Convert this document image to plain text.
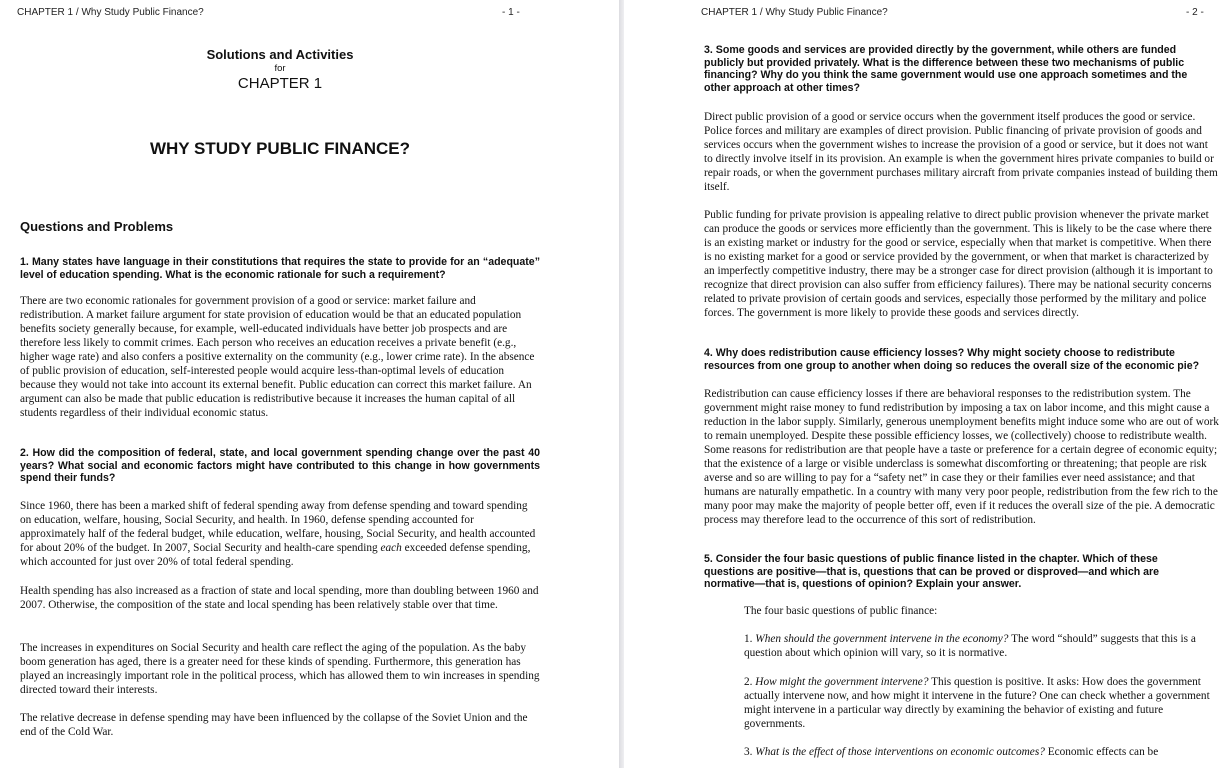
CHAPTER 1 / Why Study Public Finance?	- 1 -
Solutions and Activities
for
CHAPTER 1
WHY STUDY PUBLIC FINANCE?
Questions and Problems
1. Many states have language in their constitutions that requires the state to provide for an “adequate” level of education spending. What is the economic rationale for such a requirement?
There are two economic rationales for government provision of a good or service: market failure and redistribution. A market failure argument for state provision of education would be that an educated population benefits society generally because, for example, well-educated individuals have better job prospects and are therefore less likely to commit crimes. Each person who receives an education receives a private benefit (e.g., higher wage rate) and also confers a positive externality on the community (e.g., lower crime rate). In the absence of public provision of education, self-interested people would acquire less-than-optimal levels of education because they would not take into account its external benefit. Public education can correct this market failure. An argument can also be made that public education is redistributive because it increases the human capital of all students regardless of their individual economic status.
2. How did the composition of federal, state, and local government spending change over the past 40 years? What social and economic factors might have contributed to this change in how governments spend their funds?
Since 1960, there has been a marked shift of federal spending away from defense spending and toward spending on education, welfare, housing, Social Security, and health. In 1960, defense spending accounted for approximately half of the federal budget, while education, welfare, housing, Social Security, and health accounted for about 20% of the budget. In 2007, Social Security and health-care spending each exceeded defense spending, which accounted for just over 20% of total federal spending.
Health spending has also increased as a fraction of state and local spending, more than doubling between 1960 and 2007. Otherwise, the composition of the state and local spending has been relatively stable over that time.
The increases in expenditures on Social Security and health care reflect the aging of the population. As the baby boom generation has aged, there is a greater need for these kinds of spending. Furthermore, this generation has played an increasingly important role in the political process, which has allowed them to win increases in spending directed toward their interests.
The relative decrease in defense spending may have been influenced by the collapse of the Soviet Union and the end of the Cold War.
CHAPTER 1 / Why Study Public Finance?	- 2 -
3. Some goods and services are provided directly by the government, while others are funded publicly but provided privately. What is the difference between these two mechanisms of public financing? Why do you think the same government would use one approach sometimes and the other approach at other times?
Direct public provision of a good or service occurs when the government itself produces the good or service. Police forces and military are examples of direct provision. Public financing of private provision of goods and services occurs when the government wishes to increase the provision of a good or service, but it does not want to directly involve itself in its provision. An example is when the government hires private companies to build or repair roads, or when the government purchases military aircraft from private companies instead of building them itself.
Public funding for private provision is appealing relative to direct public provision whenever the private market can produce the goods or services more efficiently than the government. This is likely to be the case where there is an existing market or industry for the good or service, especially when that market is competitive. When there is no existing market for a good or service provided by the government, or when that market is characterized by an imperfectly competitive industry, there may be a stronger case for direct provision (although it is important to recognize that direct provision can also suffer from efficiency failures). There may be national security concerns related to private provision of certain goods and services, especially those performed by the military and police forces. The government is more likely to provide these goods and services directly.
4. Why does redistribution cause efficiency losses? Why might society choose to redistribute resources from one group to another when doing so reduces the overall size of the economic pie?
Redistribution can cause efficiency losses if there are behavioral responses to the redistribution system. The government might raise money to fund redistribution by imposing a tax on labor income, and this might cause a reduction in the labor supply. Similarly, generous unemployment benefits might induce some who are out of work to remain unemployed. Despite these possible efficiency losses, we (collectively) choose to redistribute wealth. Some reasons for redistribution are that people have a taste or preference for a certain degree of economic equity; that the existence of a large or visible underclass is somewhat discomforting or threatening; that people are risk averse and so are willing to pay for a “safety net” in case they or their families ever need assistance; and that humans are naturally empathetic. In a country with many very poor people, redistribution from the few rich to the many poor may make the majority of people better off, even if it reduces the overall size of the pie. A democratic process may therefore lead to the occurrence of this sort of redistribution.
5. Consider the four basic questions of public finance listed in the chapter. Which of these questions are positive—that is, questions that can be proved or disproved—and which are normative—that is, questions of opinion? Explain your answer.
The four basic questions of public finance:
1. When should the government intervene in the economy? The word “should” suggests that this is a question about which opinion will vary, so it is normative.
2. How might the government intervene? This question is positive. It asks: How does the government actually intervene now, and how might it intervene in the future? One can check whether a government might intervene in a particular way directly by examining the behavior of existing and future governments.
3. What is the effect of those interventions on economic outcomes? Economic effects can be
